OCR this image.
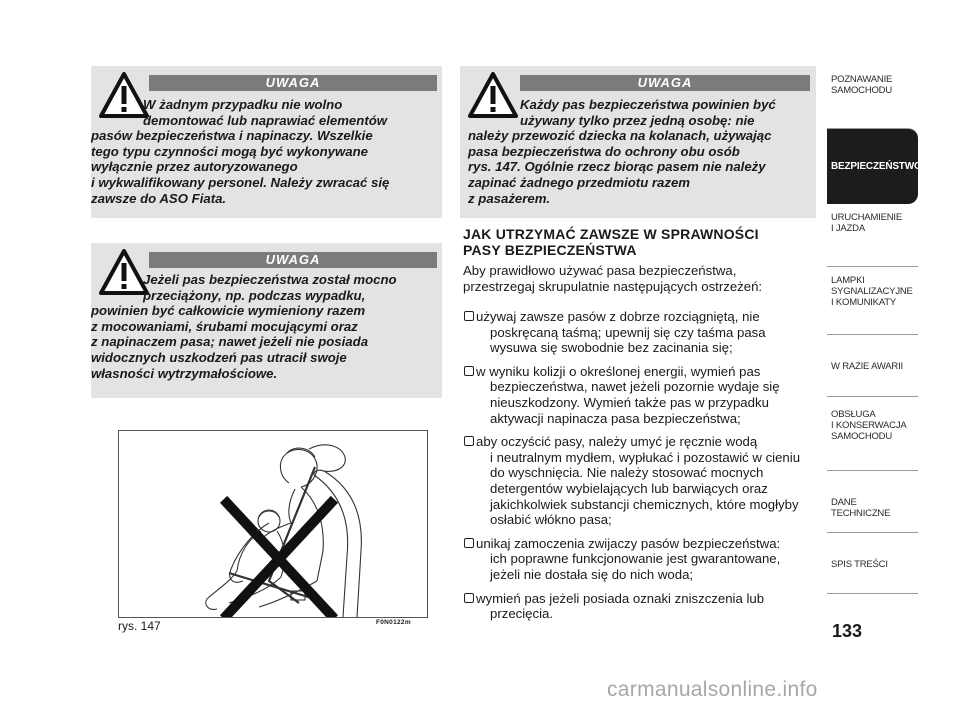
UWAGA

W żadnym przypadku nie wolno
demontować lub naprawiać elementów
pasów bezpieczeństwa i napinaczy. Wszelkie
tego typu czynności mogą być wykonywane
wyłącznie przez autoryzowanego
i wykwalifikowany personel. Należy zwracać się
zawsze do ASO Fiata.

UWAGA

Jeżeli pas bezpieczeństwa został mocno
przeciążony, np. podczas wypadku,
powinien być całkowicie wymieniony razem
z mocowaniami, śrubami mocującymi oraz
z napinaczem pasa; nawet jeżeli nie posiada
widocznych uszkodzeń pas utracił swoje
własności wytrzymałościowe.

UWAGA

Każdy pas bezpieczeństwa powinien być
używany tylko przez jedną osobę: nie
należy przewozić dziecka na kolanach, używając
pasa bezpieczeństwa do ochrony obu osób
rys. 147. Ogólnie rzecz biorąc pasem nie należy
zapinać żadnego przedmiotu razem
z pasażerem.

rys. 147	F0N0122m
JAK UTRZYMAĆ ZAWSZE W SPRAWNOŚCI
PASY BEZPIECZEŃSTWA

Aby prawidłowo używać pasa bezpieczeństwa,
przestrzegaj skrupulatnie następujących ostrzeżeń:

używaj zawsze pasów z dobrze rozciągniętą, nie
poskręcaną taśmą; upewnij się czy taśma pasa
wysuwa się swobodnie bez zacinania się;
w wyniku kolizji o określonej energii, wymień pas
bezpieczeństwa, nawet jeżeli pozornie wydaje się
nieuszkodzony. Wymień także pas w przypadku
aktywacji napinacza pasa bezpieczeństwa;
aby oczyścić pasy, należy umyć je ręcznie wodą
i neutralnym mydłem, wypłukać i pozostawić w cieniu
do wyschnięcia. Nie należy stosować mocnych
detergentów wybielających lub barwiących oraz
jakichkolwiek substancji chemicznych, które mogłyby
osłabić włókno pasa;
unikaj zamoczenia zwijaczy pasów bezpieczeństwa:
ich poprawne funkcjonowanie jest gwarantowane,
jeżeli nie dostała się do nich woda;
wymień pas jeżeli posiada oznaki zniszczenia lub
przecięcia.
POZNAWANIE
SAMOCHODU
BEZPIECZEŃSTWO
URUCHAMIENIE
I JAZDA
LAMPKI
SYGNALIZACYJNE
I KOMUNIKATY
W RAZIE AWARII
OBSŁUGA
I KONSERWACJA
SAMOCHODU
DANE TECHNICZNE
SPIS TREŚCI
133
carmanualsonline.info
